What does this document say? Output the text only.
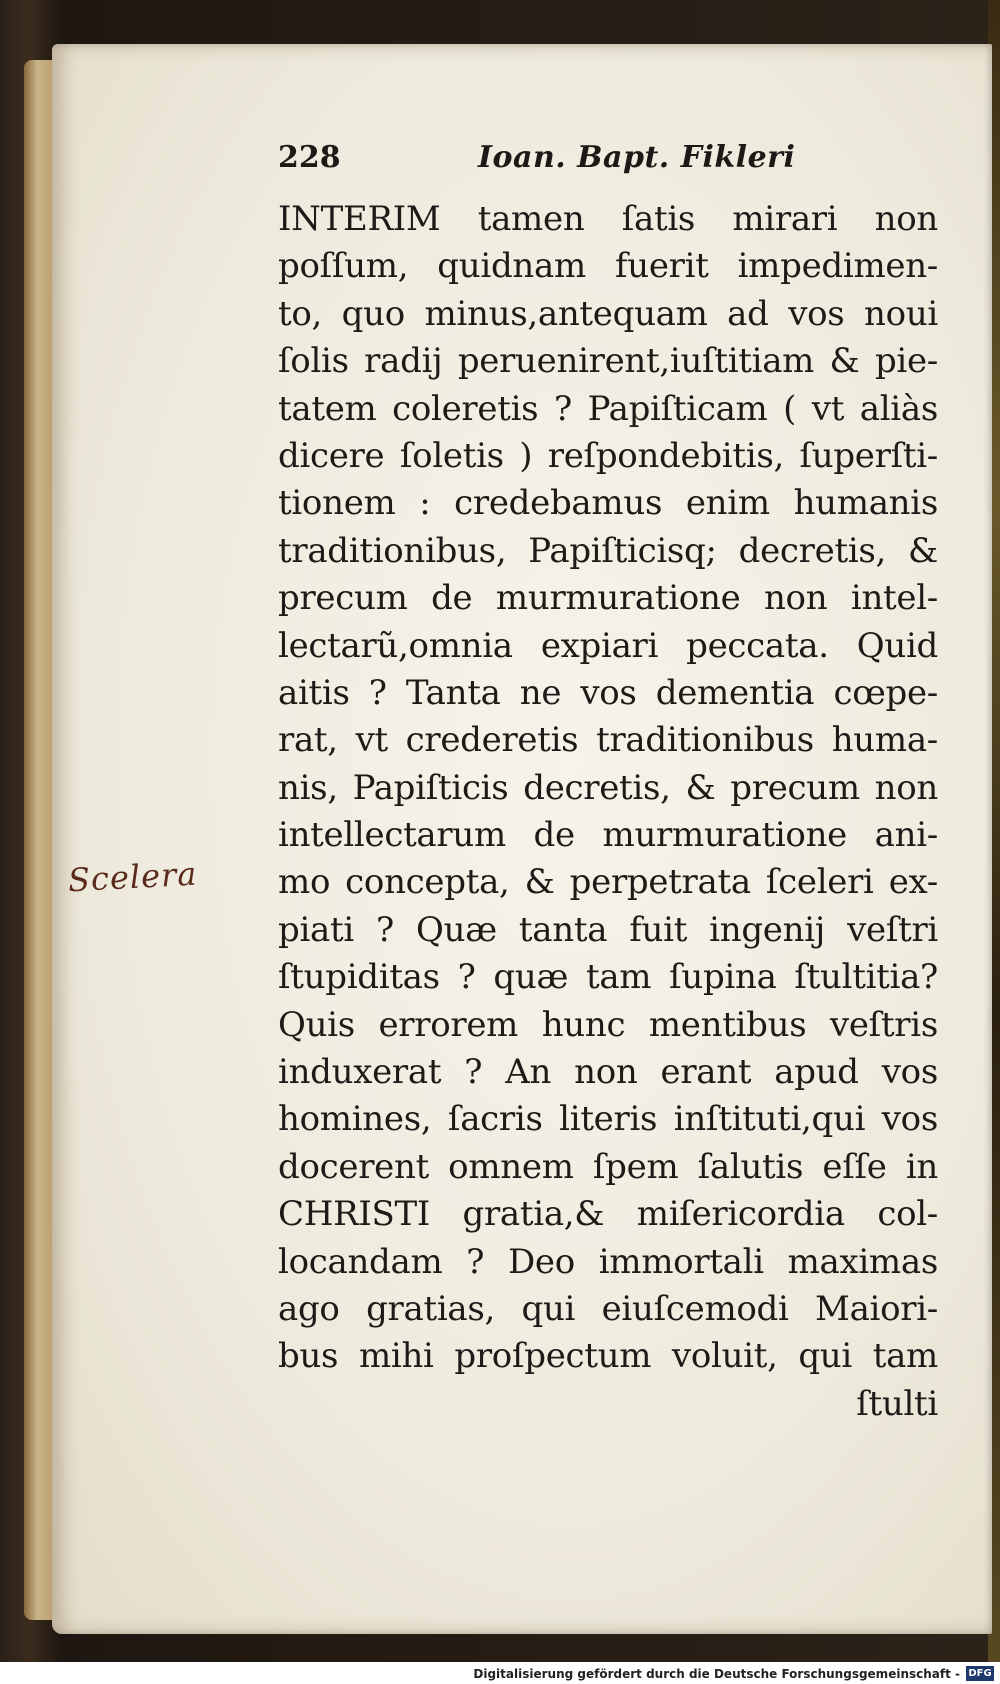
228	Ioan. Bapt. Fikleri
INTERIM tamen ſatis mirari non
poſſum, quidnam fuerit impedimen-
to, quo minus,antequam ad vos noui
ſolis radij peruenirent,iuſtitiam & pie-
tatem coleretis ? Papiſticam ( vt aliàs
dicere ſoletis ) reſpondebitis, ſuperſti-
tionem : credebamus enim humanis
traditionibus, Papiſticisq; decretis, &
precum de murmuratione non intel-
lectarũ,omnia expiari peccata. Quid
aitis ? Tanta ne vos dementia cœpe-
rat, vt crederetis traditionibus huma-
nis, Papiſticis decretis, & precum non
intellectarum de murmuratione ani-
mo concepta, & perpetrata ſceleri ex-
piati ? Quæ tanta fuit ingenij veſtri
ſtupiditas ? quæ tam ſupina ſtultitia?
Quis errorem hunc mentibus veſtris
induxerat ? An non erant apud vos
homines, ſacris literis inſtituti,qui vos
docerent omnem ſpem ſalutis eſſe in
CHRISTI gratia,& miſericordia col-
locandam ? Deo immortali maximas
ago gratias, qui eiuſcemodi Maiori-
bus mihi proſpectum voluit, qui tam
ſtulti
Scelera
Digitalisierung gefördert durch die Deutsche Forschungsgemeinschaft - DFG
